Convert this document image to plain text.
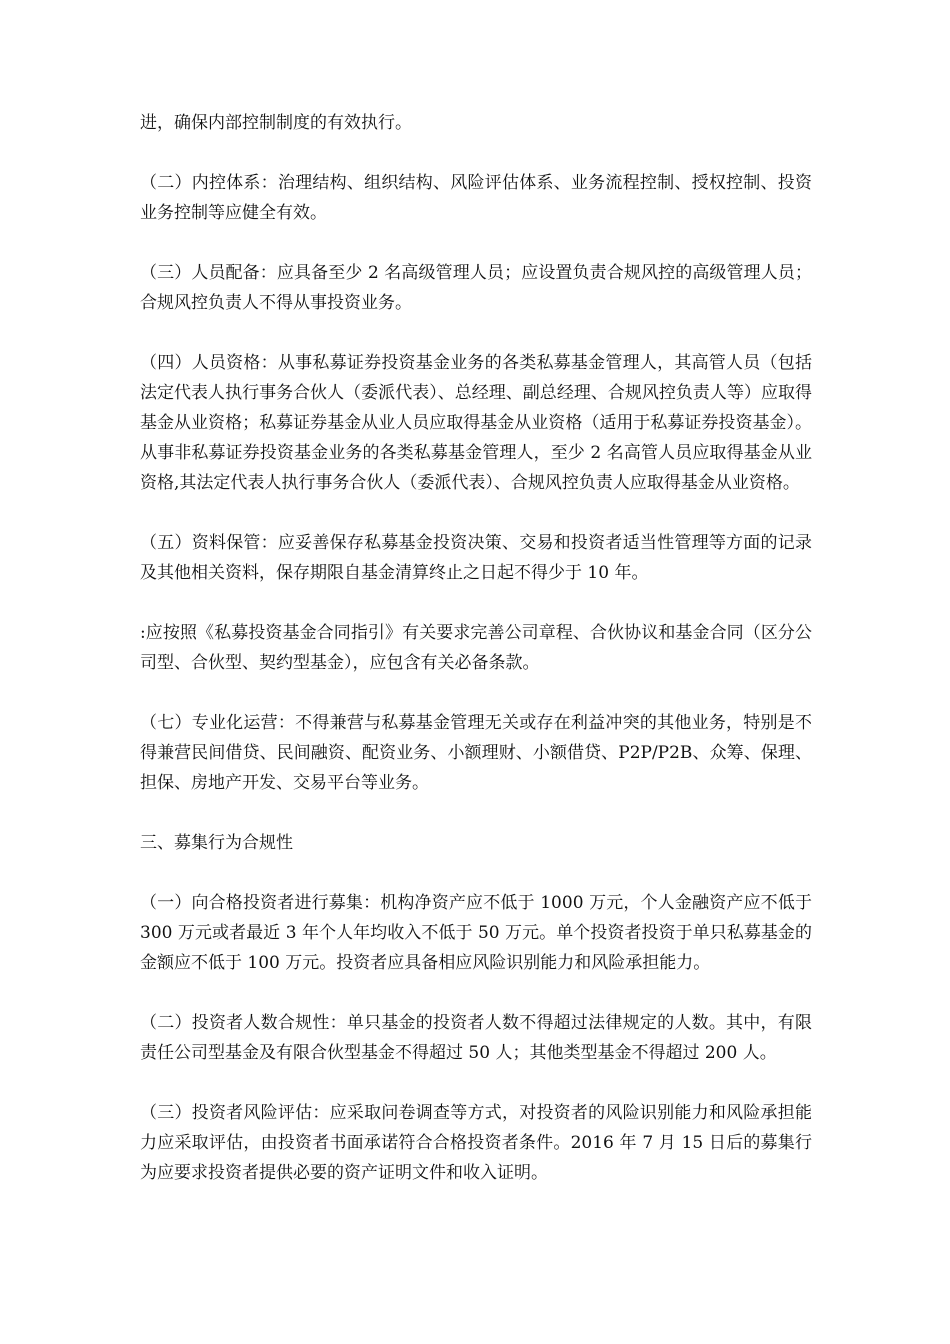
进，确保内部控制制度的有效执行。

（二）内控体系：治理结构、组织结构、风险评估体系、业务流程控制、授权控制、投资业务控制等应健全有效。

（三）人员配备：应具备至少 2 名高级管理人员；应设置负责合规风控的高级管理人员；合规风控负责人不得从事投资业务。

（四）人员资格：从事私募证券投资基金业务的各类私募基金管理人，其高管人员（包括法定代表人执行事务合伙人（委派代表）、总经理、副总经理、合规风控负责人等）应取得基金从业资格；私募证券基金从业人员应取得基金从业资格（适用于私募证券投资基金）。从事非私募证券投资基金业务的各类私募基金管理人，至少 2 名高管人员应取得基金从业资格,其法定代表人执行事务合伙人（委派代表）、合规风控负责人应取得基金从业资格。

（五）资料保管：应妥善保存私募基金投资决策、交易和投资者适当性管理等方面的记录及其他相关资料，保存期限自基金清算终止之日起不得少于 10 年。

:应按照《私募投资基金合同指引》有关要求完善公司章程、合伙协议和基金合同（区分公司型、合伙型、契约型基金），应包含有关必备条款。

（七）专业化运营：不得兼营与私募基金管理无关或存在利益冲突的其他业务，特别是不得兼营民间借贷、民间融资、配资业务、小额理财、小额借贷、P2P/P2B、众筹、保理、担保、房地产开发、交易平台等业务。

三、募集行为合规性

（一）向合格投资者进行募集：机构净资产应不低于 1000 万元，个人金融资产应不低于 300 万元或者最近 3 年个人年均收入不低于 50 万元。单个投资者投资于单只私募基金的金额应不低于 100 万元。投资者应具备相应风险识别能力和风险承担能力。

（二）投资者人数合规性：单只基金的投资者人数不得超过法律规定的人数。其中，有限责任公司型基金及有限合伙型基金不得超过 50 人；其他类型基金不得超过 200 人。

（三）投资者风险评估：应采取问卷调查等方式，对投资者的风险识别能力和风险承担能力应采取评估，由投资者书面承诺符合合格投资者条件。2016 年 7 月 15 日后的募集行为应要求投资者提供必要的资产证明文件和收入证明。
